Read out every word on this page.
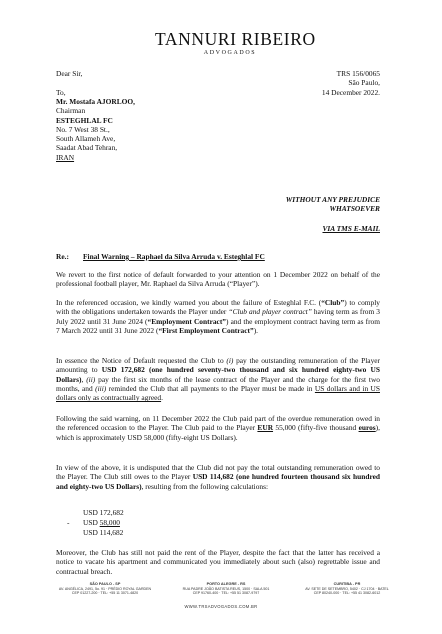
TANNURI RIBEIRO
ADVOGADOS
Dear Sir,	TRS 156/0065
São Paulo,
14 December 2022.
To,
Mr. Mostafa AJORLOO,
Chairman
ESTEGHLAL FC
No. 7 West 38 St.,
South Allameh Ave,
Saadat Abad Tehran,
IRAN
WITHOUT ANY PREJUDICE
WHATSOEVER
VIA TMS E-MAIL
Re.: Final Warning – Raphael da Silva Arruda v. Esteghlal FC
We revert to the first notice of default forwarded to your attention on 1 December 2022 on behalf of the professional football player, Mr. Raphael da Silva Arruda (“Player”).
In the referenced occasion, we kindly warned you about the failure of Esteghlal F.C. (“Club”) to comply with the obligations undertaken towards the Player under “Club and player contract” having term as from 3 July 2022 until 31 June 2024 (“Employment Contract”) and the employment contract having term as from 7 March 2022 until 31 June 2022 (“First Employment Contract”).
In essence the Notice of Default requested the Club to (i) pay the outstanding remuneration of the Player amounting to USD 172,682 (one hundred seventy-two thousand and six hundred eighty-two US Dollars), (ii) pay the first six months of the lease contract of the Player and the charge for the first two months, and (iii) reminded the Club that all payments to the Player must be made in US dollars and in US dollars only as contractually agreed.
Following the said warning, on 11 December 2022 the Club paid part of the overdue remuneration owed in the referenced occasion to the Player. The Club paid to the Player EUR 55,000 (fifty-five thousand euros), which is approximately USD 58,000 (fifty-eight US Dollars).
In view of the above, it is undisputed that the Club did not pay the total outstanding remuneration owed to the Player. The Club still owes to the Player USD 114,682 (one hundred fourteen thousand six hundred and eighty-two US Dollars), resulting from the following calculations:
USD 172,682
- USD 58,000
USD 114,682
Moreover, the Club has still not paid the rent of the Player, despite the fact that the latter has received a notice to vacate his apartment and communicated you immediately about such (also) regrettable issue and contractual breach.
SÃO PAULO - SP
AV. ANGÉLICA, 2491, 5o. 91 · PRÉDIO ROYAL GARDEN
CEP 01227-200 · TEL: +55 11 3071-4820
PORTO ALEGRE - RS
RUA PADRE JOÃO BATISTA REUS, 1500 · SALA 501
CEP 91760-400 · TEL: +55 51 3087-9797
CURITIBA - PR
AV. SETE DE SETEMBRO, 5402 · CJ 1704 · BATEL
CEP 80240-000 · TEL: +55 41 3082-6012
WWW.TRSADVOGADOS.COM.BR
